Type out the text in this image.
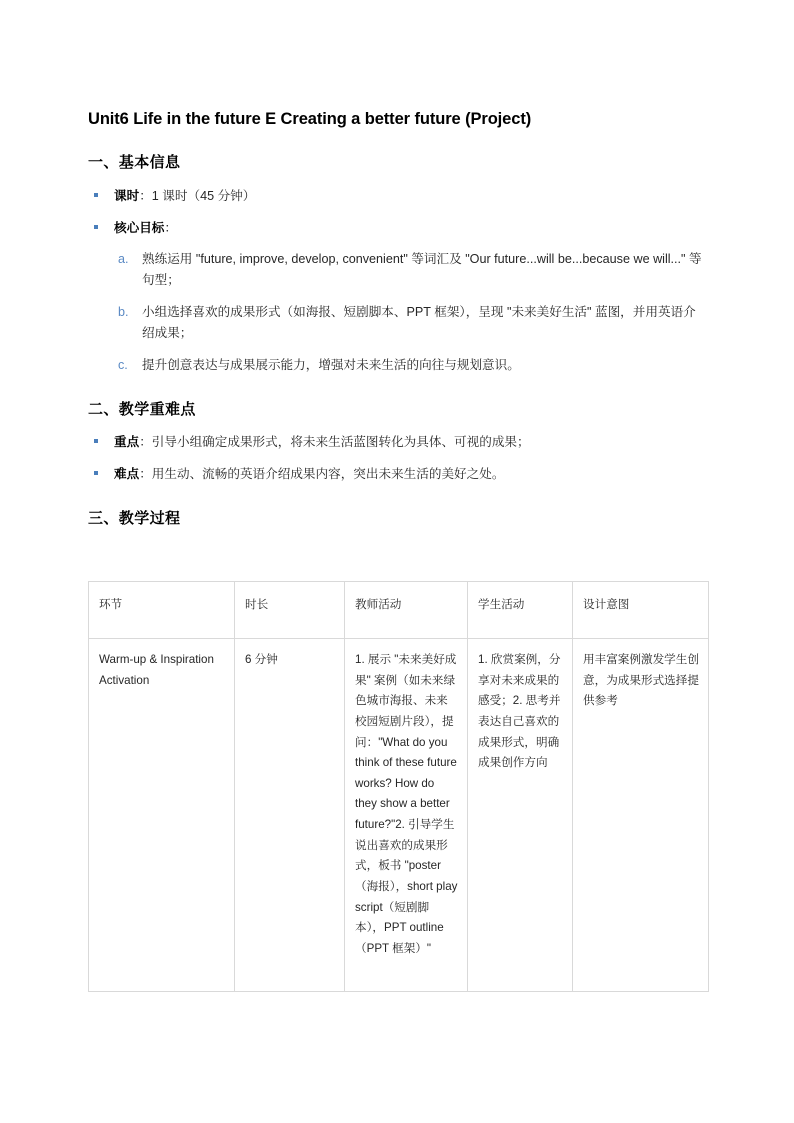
Unit6 Life in the future E Creating a better future (Project)
一、基本信息
课时：1 课时（45 分钟）
核心目标：
a. 熟练运用 "future, improve, develop, convenient" 等词汇及 "Our future...will be...because we will..." 等句型；
b. 小组选择喜欢的成果形式（如海报、短剧脚本、PPT 框架），呈现 "未来美好生活" 蓝图，并用英语介绍成果；
c. 提升创意表达与成果展示能力，增强对未来生活的向往与规划意识。
二、教学重难点
重点：引导小组确定成果形式，将未来生活蓝图转化为具体、可视的成果；
难点：用生动、流畅的英语介绍成果内容，突出未来生活的美好之处。
三、教学过程
环节	时长	教师活动	学生活动	设计意图
Warm-up & Inspiration Activation	6 分钟	1. 展示 "未来美好成果" 案例（如未来绿色城市海报、未来校园短剧片段），提问："What do you think of these future works? How do they show a better future?"2. 引导学生说出喜欢的成果形式，板书 "poster（海报），short play script（短剧脚本），PPT outline（PPT 框架）"	1. 欣赏案例，分享对未来成果的感受；2. 思考并表达自己喜欢的成果形式，明确成果创作方向	用丰富案例激发学生创意，为成果形式选择提供参考
